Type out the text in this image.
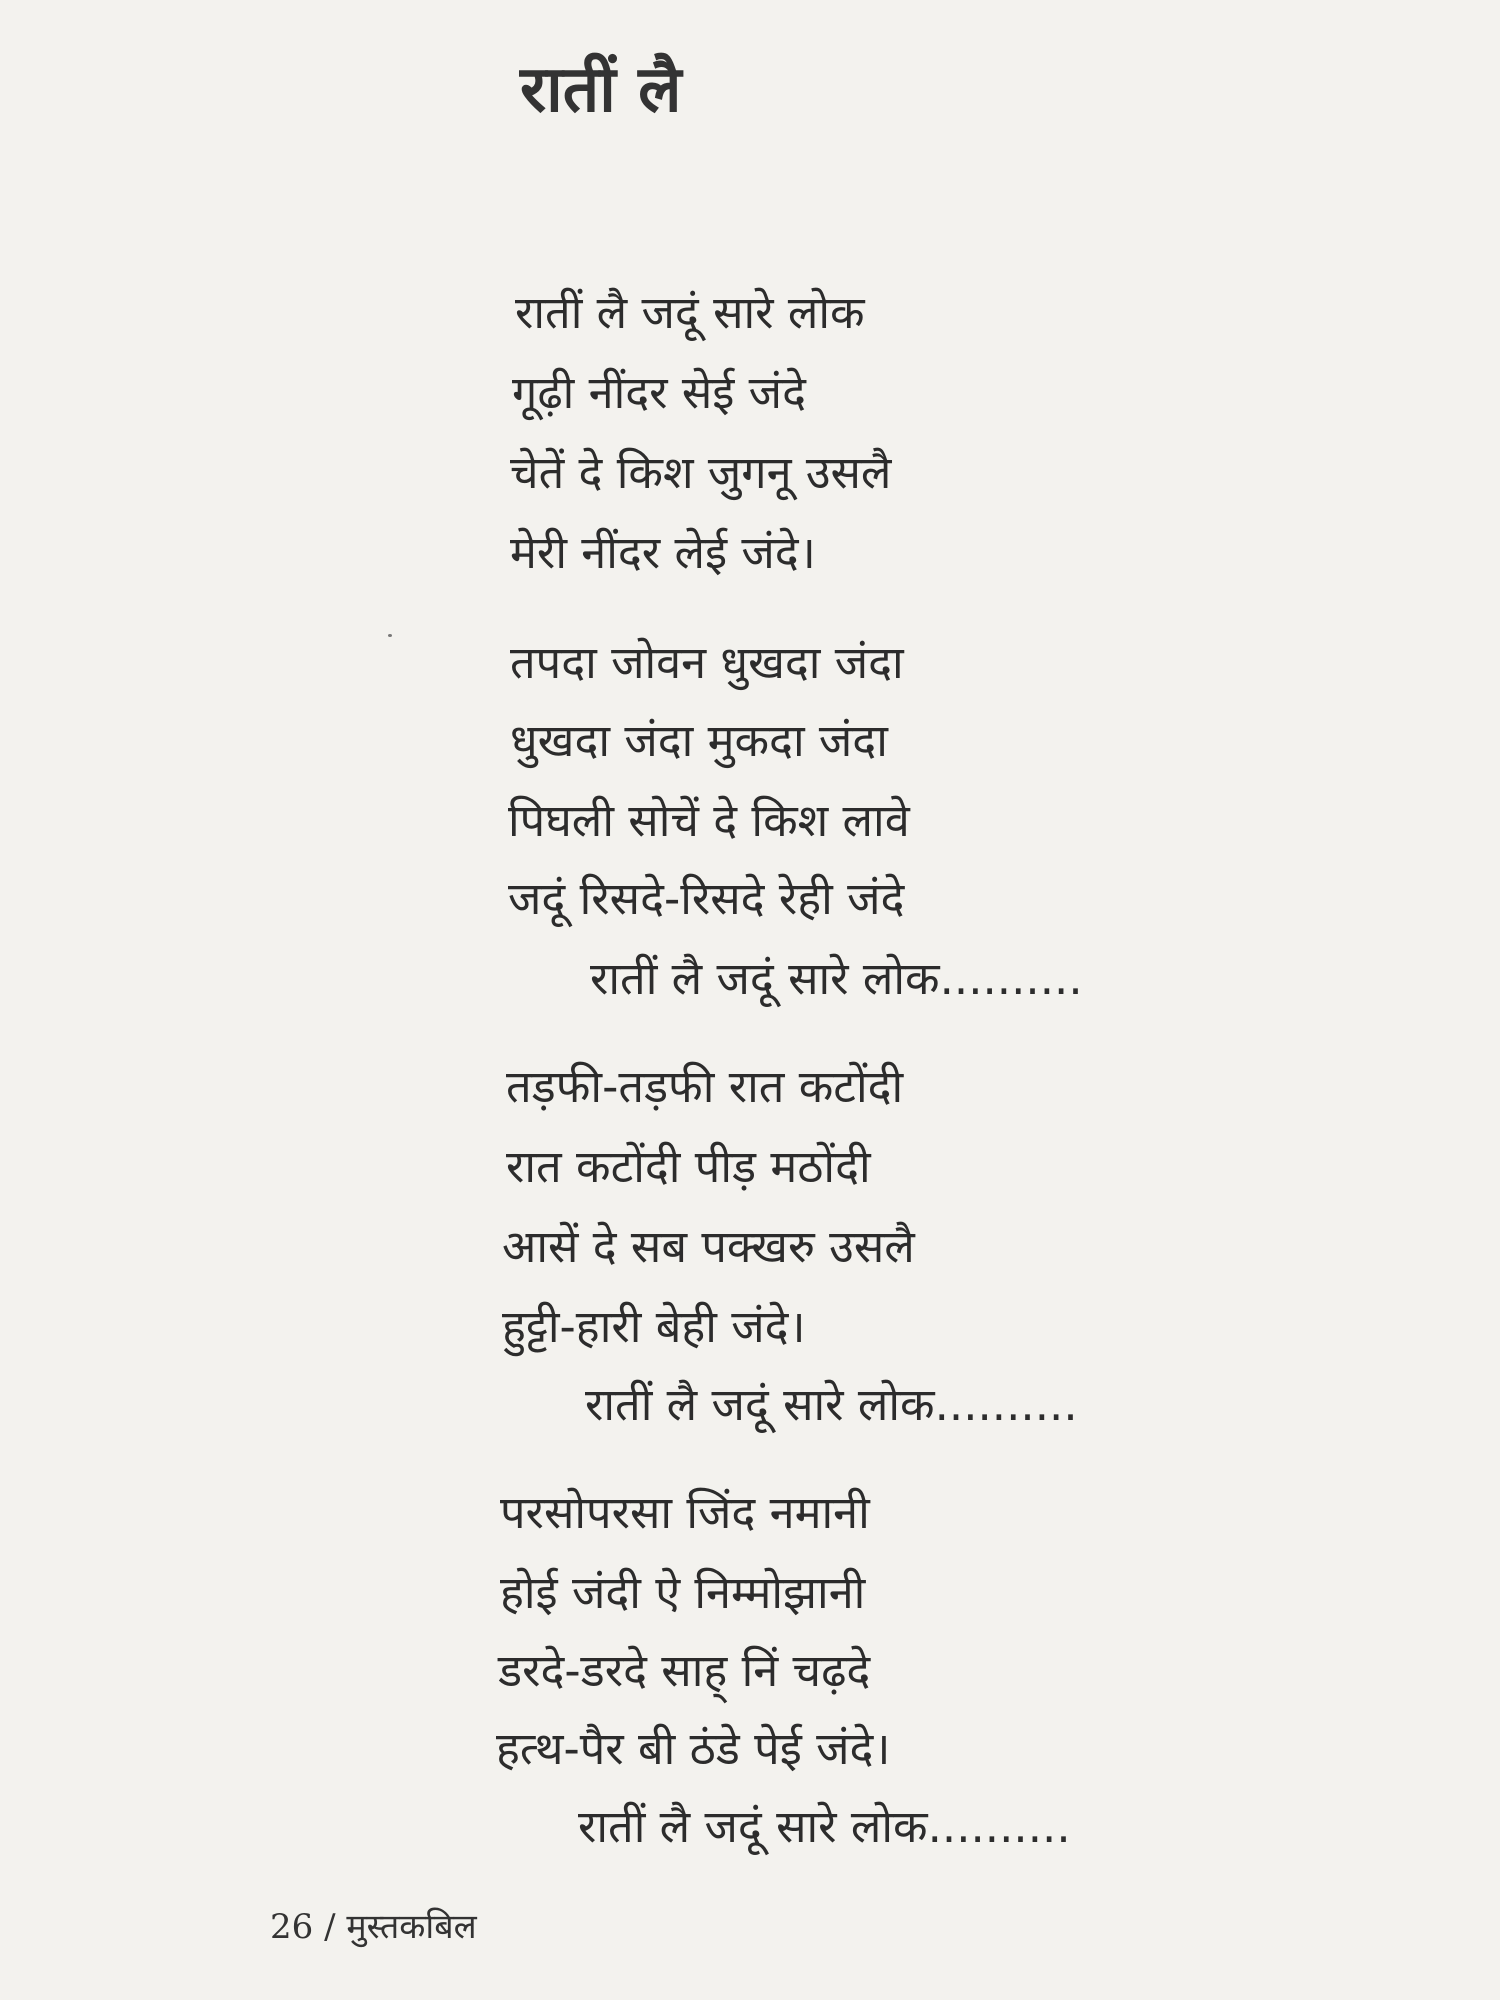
रातीं लै
रातीं लै जदूं सारे लोक
गूढ़ी नींदर सेई जंदे
चेतें दे किश जुगनू उसलै
मेरी नींदर लेई जंदे।
तपदा जोवन धुखदा जंदा
धुखदा जंदा मुकदा जंदा
पिघली सोचें दे किश लावे
जदूं रिसदे-रिसदे रेही जंदे
रातीं लै जदूं सारे लोक..........
तड़फी-तड़फी रात कटोंदी
रात कटोंदी पीड़ मठोंदी
आसें दे सब पक्खरु उसलै
हुट्टी-हारी बेही जंदे।
रातीं लै जदूं सारे लोक..........
परसोपरसा जिंद नमानी
होई जंदी ऐ निम्मोझानी
डरदे-डरदे साह् निं चढ़दे
हत्थ-पैर बी ठंडे पेई जंदे।
रातीं लै जदूं सारे लोक..........
26 / मुस्तकबिल
